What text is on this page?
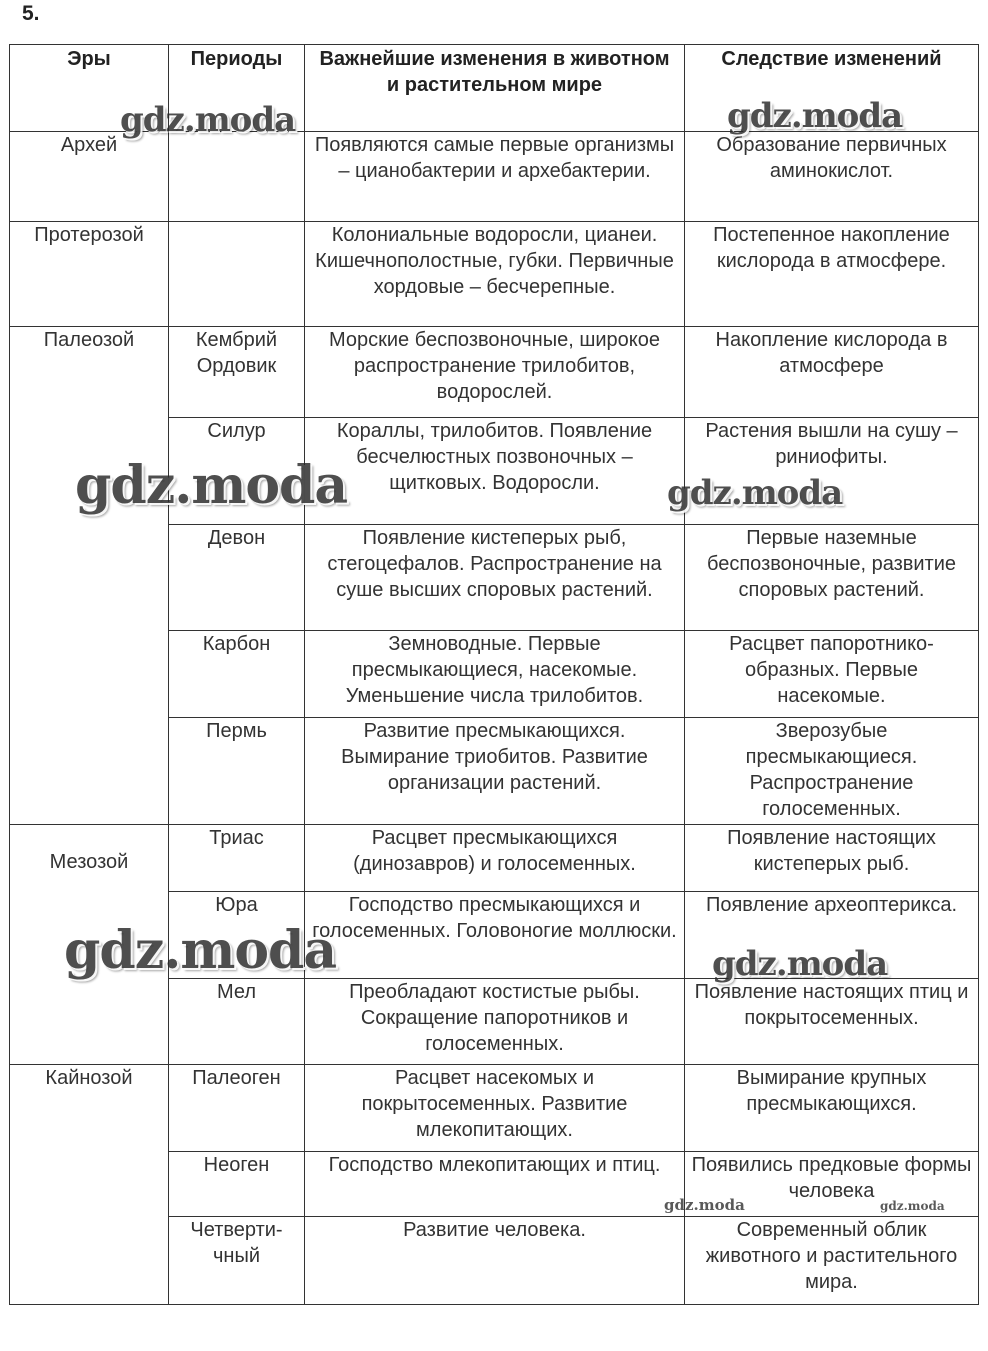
5.
Эры	Периоды	Важнейшие изменения в животном и растительном мире	Следствие изменений
Архей		Появляются самые первые организмы – цианобактерии и архебактерии.	Образование первичных аминокислот.
Протерозой		Колониальные водоросли, цианеи. Кишечнополостные, губки. Первичные хордовые – бесчерепные.	Постепенное накопление кислорода в атмосфере.
Палеозой	Кембрий Ордовик	Морские беспозвоночные, широкое распространение трилобитов, водорослей.	Накопление кислорода в атмосфере
	Силур	Кораллы, трилобитов. Появление бесчелюстных позвоночных – щитковых. Водоросли.	Растения вышли на сушу – риниофиты.
	Девон	Появление кистеперых рыб, стегоцефалов. Распространение на суше высших споровых растений.	Первые наземные беспозвоночные, развитие споровых растений.
	Карбон	Земноводные. Первые пресмыкающиеся, насекомые. Уменьшение числа трилобитов.	Расцвет папоротнико-образных. Первые насекомые.
	Пермь	Развитие пресмыкающихся. Вымирание триобитов. Развитие организации растений.	Зверозубые пресмыкающиеся. Распространение голосеменных.
Мезозой	Триас	Расцвет пресмыкающихся (динозавров) и голосеменных.	Появление настоящих кистеперых рыб.
	Юра	Господство пресмыкающихся и голосеменных. Головоногие моллюски.	Появление археоптерикса.
	Мел	Преобладают костистые рыбы. Сокращение папоротников и голосеменных.	Появление настоящих птиц и покрытосеменных.
Кайнозой	Палеоген	Расцвет насекомых и покрытосеменных. Развитие млекопитающих.	Вымирание крупных пресмыкающихся.
	Неоген	Господство млекопитающих и птиц.	Появились предковые формы человека
	Четверти-чный	Развитие человека.	Современный облик животного и растительного мира.
gdz.moda	gdz.moda
gdz.moda	gdz.moda
gdz.moda	gdz.moda
gdz.moda	gdz.moda
